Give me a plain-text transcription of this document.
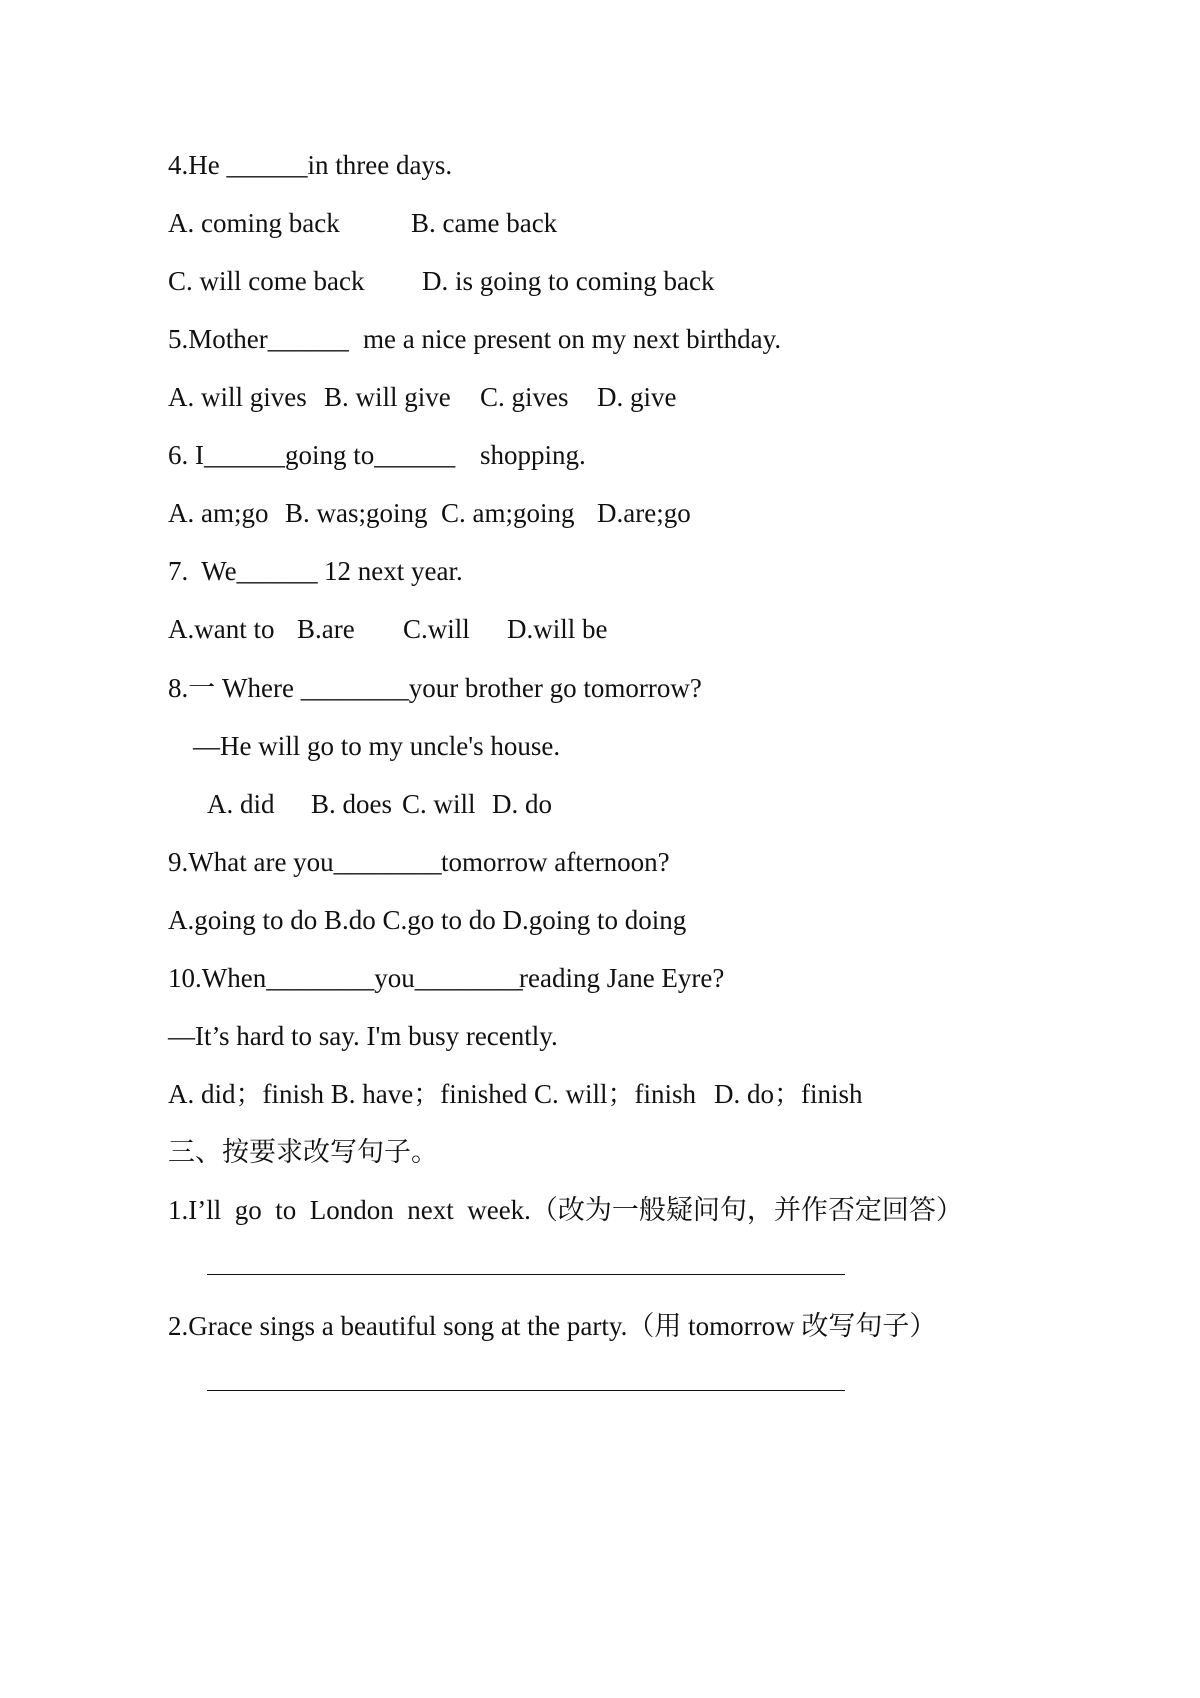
4.He ______in three days.
A. coming back	B. came back
C. will come back D. is going to coming back
5.Mother______ me a nice present on my next birthday.
A. will gives B. will give C. gives D. give
6. I______going to______ shopping.
A. am;go B. was;going C. am;going D.are;go
7.  We______ 12 next year.
A.want to B.are C.will D.will be
8.一 Where ________your brother go tomorrow?
—He will go to my uncle's house.
A. did B. does C. will D. do
9.What are you________ tomorrow afternoon?
A.going to do B.do C.go to do D.going to doing
10.When________you________
reading Jane Eyre?
—It’s hard to say. I'm busy recently.
A. did；finish B. have；finished C. will；finish D. do；finish
三、按要求改写句子。
1.I’ll  go  to  London  next  week.（改为一般疑问句，并作否定回答）
2.Grace sings a beautiful song at the party.（用 tomorrow 改写句子）
